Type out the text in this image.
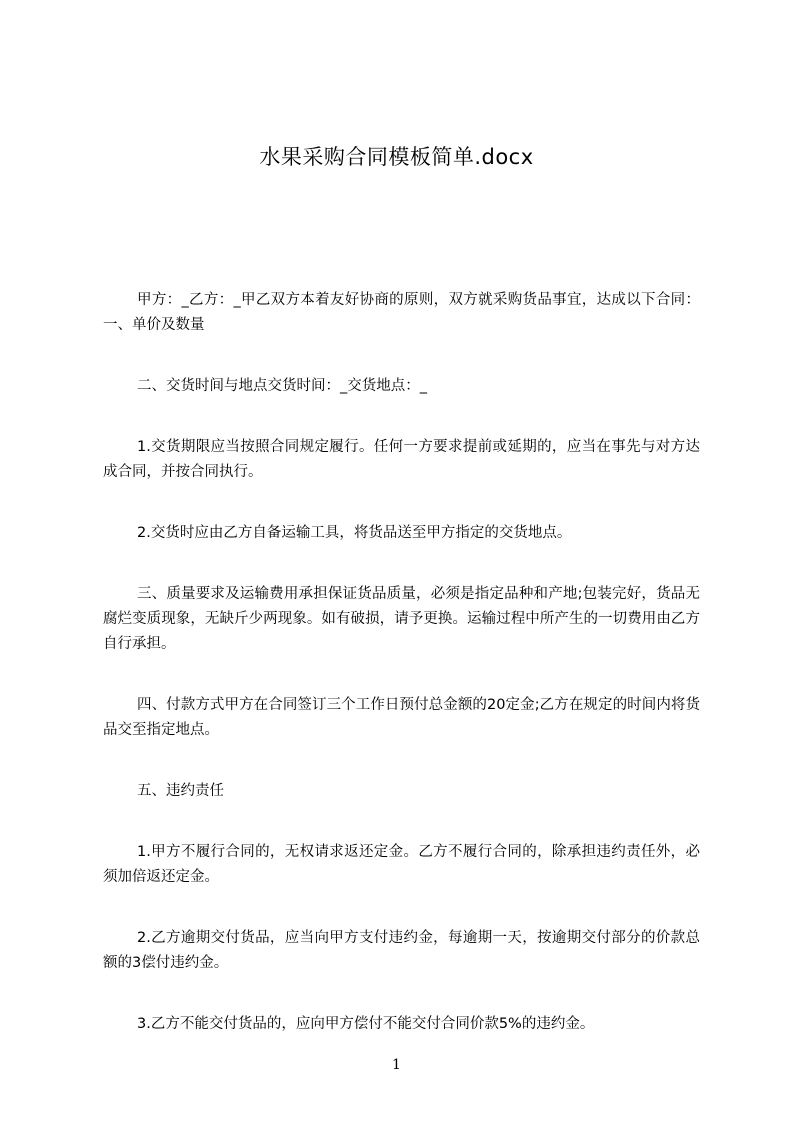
水果采购合同模板简单.docx

甲方：_乙方：_甲乙双方本着友好协商的原则，双方就采购货品事宜，达成以下合同：一、单价及数量

二、交货时间与地点交货时间：_交货地点：_

1.交货期限应当按照合同规定履行。任何一方要求提前或延期的，应当在事先与对方达成合同，并按合同执行。

2.交货时应由乙方自备运输工具，将货品送至甲方指定的交货地点。

三、质量要求及运输费用承担保证货品质量，必须是指定品种和产地;包装完好，货品无腐烂变质现象，无缺斤少两现象。如有破损，请予更换。运输过程中所产生的一切费用由乙方自行承担。

四、付款方式甲方在合同签订三个工作日预付总金额的20定金;乙方在规定的时间内将货品交至指定地点。

五、违约责任

1.甲方不履行合同的，无权请求返还定金。乙方不履行合同的，除承担违约责任外，必须加倍返还定金。

2.乙方逾期交付货品，应当向甲方支付违约金，每逾期一天，按逾期交付部分的价款总额的3偿付违约金。

3.乙方不能交付货品的，应向甲方偿付不能交付合同价款5%的违约金。

1
